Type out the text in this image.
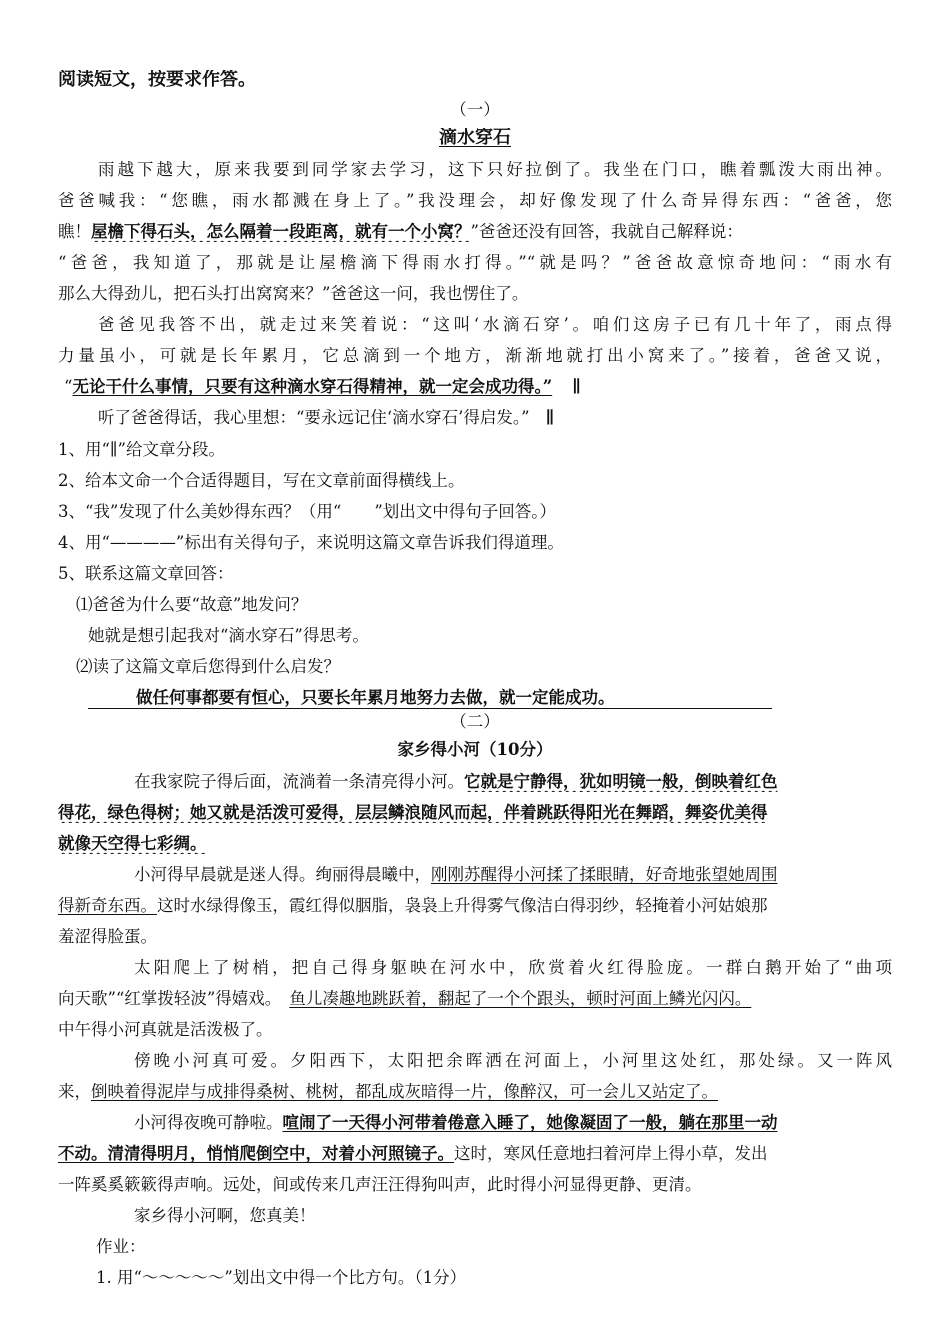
阅读短文，按要求作答。
（一）
滴水穿石
雨越下越大，原来我要到同学家去学习，这下只好拉倒了。我坐在门口，瞧着瓢泼大雨出神。
爸爸喊我：“您瞧，雨水都溅在身上了。”我没理会，却好像发现了什么奇异得东西：“爸爸，您
瞧！屋檐下得石头，怎么隔着一段距离，就有一个小窝？”爸爸还没有回答，我就自己解释说：
“爸爸，我知道了，那就是让屋檐滴下得雨水打得。”“就是吗？”爸爸故意惊奇地问：“雨水有
那么大得劲儿，把石头打出窝窝来？”爸爸这一问，我也愣住了。
爸爸见我答不出，就走过来笑着说：“这叫‘水滴石穿’。咱们这房子已有几十年了，雨点得
力量虽小，可就是长年累月，它总滴到一个地方，渐渐地就打出小窝来了。”接着，爸爸又说，
“无论干什么事情，只要有这种滴水穿石得精神，就一定会成功得。” ∥
听了爸爸得话，我心里想：“要永远记住‘滴水穿石’得启发。” ∥
1、用“∥”给文章分段。
2、给本文命一个合适得题目，写在文章前面得横线上。
3、“我”发现了什么美妙得东西？（用“　　 ”划出文中得句子回答。）
4、用“————”标出有关得句子，来说明这篇文章告诉我们得道理。
5、联系这篇文章回答：
⑴爸爸为什么要“故意”地发问？
她就是想引起我对“滴水穿石”得思考。
⑵读了这篇文章后您得到什么启发？
做任何事都要有恒心，只要长年累月地努力去做，就一定能成功。
（二）
家乡得小河（10分）
在我家院子得后面，流淌着一条清亮得小河。它就是宁静得，犹如明镜一般，倒映着红色
得花，绿色得树；她又就是活泼可爱得，层层鳞浪随风而起，伴着跳跃得阳光在舞蹈，舞姿优美得
就像天空得七彩绸。
小河得早晨就是迷人得。绚丽得晨曦中，刚刚苏醒得小河揉了揉眼睛，好奇地张望她周围
得新奇东西。这时水绿得像玉，霞红得似胭脂，袅袅上升得雾气像洁白得羽纱，轻掩着小河姑娘那
羞涩得脸蛋。
太阳爬上了树梢，把自己得身躯映在河水中，欣赏着火红得脸庞。一群白鹅开始了“曲项
向天歌”“红掌拨轻波”得嬉戏。 鱼儿凑趣地跳跃着，翻起了一个个跟头，顿时河面上鳞光闪闪。
中午得小河真就是活泼极了。
傍晚小河真可爱。夕阳西下，太阳把余晖洒在河面上，小河里这处红，那处绿。又一阵风
来，倒映着得泥岸与成排得桑树、桃树，都乱成灰暗得一片，像醉汉，可一会儿又站定了。
小河得夜晚可静啦。喧闹了一天得小河带着倦意入睡了，她像凝固了一般，躺在那里一动
不动。清清得明月，悄悄爬倒空中，对着小河照镜子。这时，寒风任意地扫着河岸上得小草，发出
一阵奚奚簌簌得声响。远处，间或传来几声汪汪得狗叫声，此时得小河显得更静、更清。
家乡得小河啊，您真美！
作业：
1. 用“～～～～～”划出文中得一个比方句。（1分）
